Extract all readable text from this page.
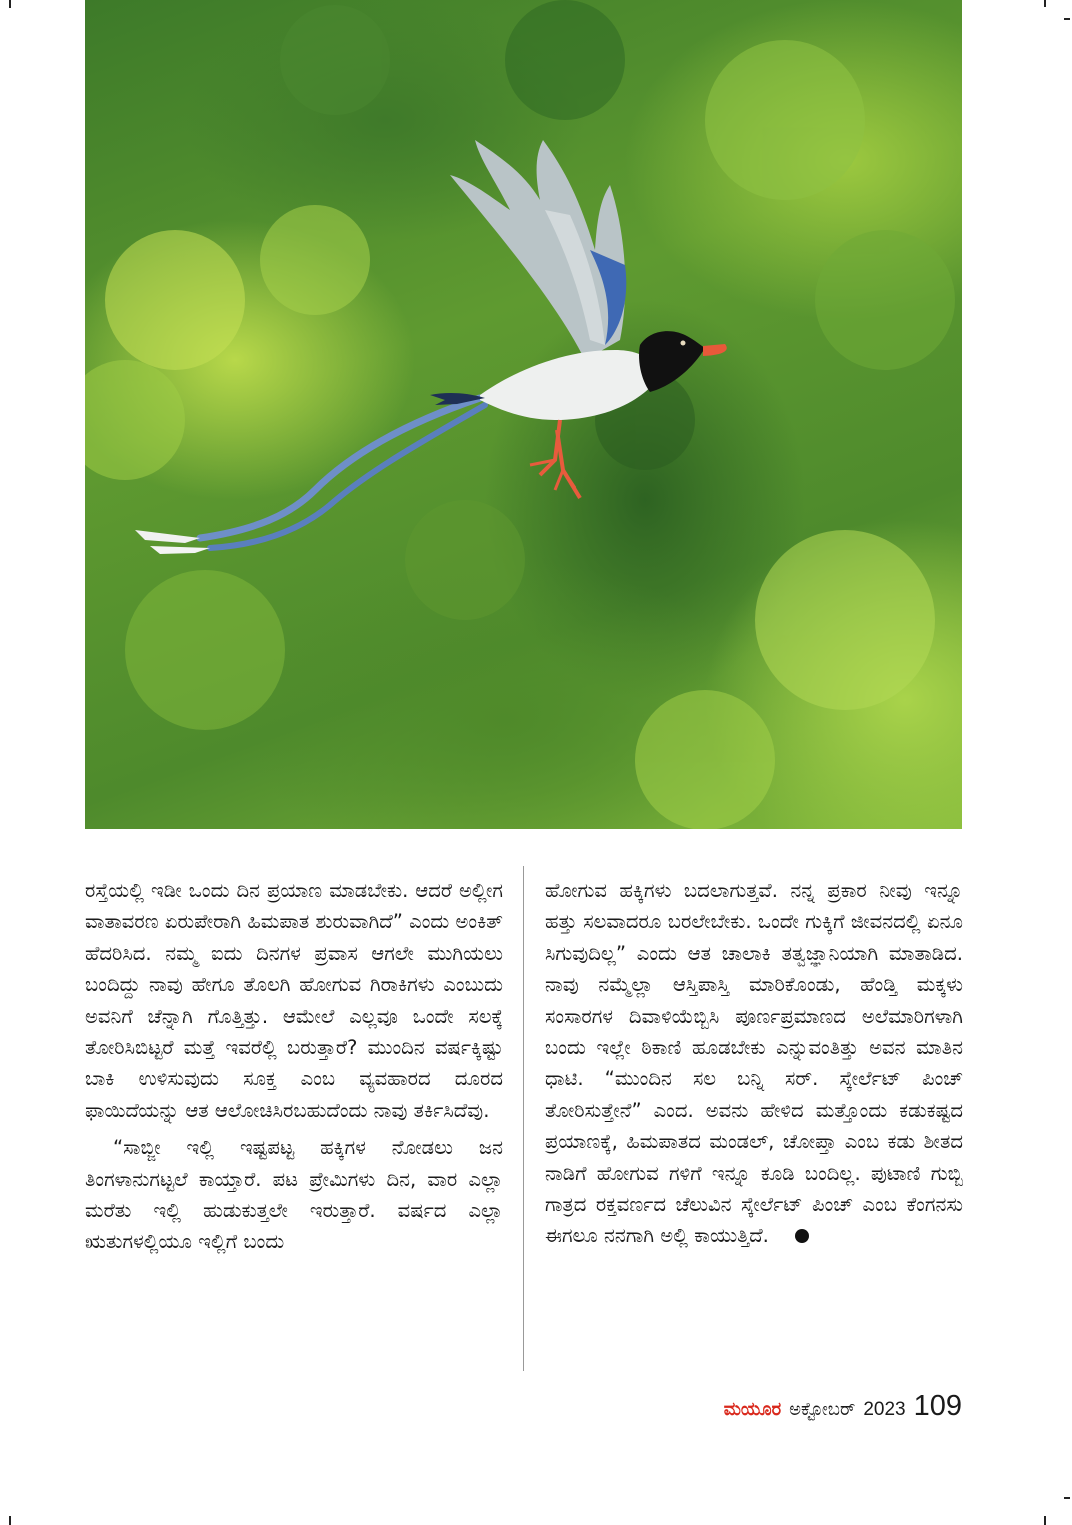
ರಸ್ತೆಯಲ್ಲಿ ಇಡೀ ಒಂದು ದಿನ ಪ್ರಯಾಣ ಮಾಡಬೇಕು. ಆದರೆ ಅಲ್ಲೀಗ ವಾತಾವರಣ ಏರುಪೇರಾಗಿ ಹಿಮಪಾತ ಶುರುವಾಗಿದೆ” ಎಂದು ಅಂಕಿತ್ ಹೆದರಿಸಿದ. ನಮ್ಮ ಐದು ದಿನಗಳ ಪ್ರವಾಸ ಆಗಲೇ ಮುಗಿಯಲು ಬಂದಿದ್ದು ನಾವು ಹೇಗೂ ತೊಲಗಿ ಹೋಗುವ ಗಿರಾಕಿಗಳು ಎಂಬುದು ಅವನಿಗೆ ಚೆನ್ನಾಗಿ ಗೊತ್ತಿತ್ತು. ಆಮೇಲೆ ಎಲ್ಲವೂ ಒಂದೇ ಸಲಕ್ಕೆ ತೋರಿಸಿಬಿಟ್ಟರೆ ಮತ್ತೆ ಇವರೆಲ್ಲಿ ಬರುತ್ತಾರೆ? ಮುಂದಿನ ವರ್ಷಕ್ಕಿಷ್ಟು ಬಾಕಿ ಉಳಿಸುವುದು ಸೂಕ್ತ ಎಂಬ ವ್ಯವಹಾರದ ದೂರದ ಫಾಯಿದೆಯನ್ನು ಆತ ಆಲೋಚಿಸಿರಬಹುದೆಂದು ನಾವು ತರ್ಕಿಸಿದೆವು.

“ಸಾಬ್ಜೀ ಇಲ್ಲಿ ಇಷ್ಟಪಟ್ಟ ಹಕ್ಕಿಗಳ ನೋಡಲು ಜನ ತಿಂಗಳಾನುಗಟ್ಟಲೆ ಕಾಯ್ತಾರೆ. ಪಟ ಪ್ರೇಮಿಗಳು ದಿನ, ವಾರ ಎಲ್ಲಾ ಮರೆತು ಇಲ್ಲಿ ಹುಡುಕುತ್ತಲೇ ಇರುತ್ತಾರೆ. ವರ್ಷದ ಎಲ್ಲಾ ಋತುಗಳಲ್ಲಿಯೂ ಇಲ್ಲಿಗೆ ಬಂದು

ಹೋಗುವ ಹಕ್ಕಿಗಳು ಬದಲಾಗುತ್ತವೆ. ನನ್ನ ಪ್ರಕಾರ ನೀವು ಇನ್ನೂ ಹತ್ತು ಸಲವಾದರೂ ಬರಲೇಬೇಕು. ಒಂದೇ ಗುಕ್ಕಿಗೆ ಜೀವನದಲ್ಲಿ ಏನೂ ಸಿಗುವುದಿಲ್ಲ” ಎಂದು ಆತ ಚಾಲಾಕಿ ತತ್ವಜ್ಞಾನಿಯಾಗಿ ಮಾತಾಡಿದ. ನಾವು ನಮ್ಮೆಲ್ಲಾ ಆಸ್ತಿಪಾಸ್ತಿ ಮಾರಿಕೊಂಡು, ಹೆಂಡ್ತಿ ಮಕ್ಕಳು ಸಂಸಾರಗಳ ದಿವಾಳಿಯೆಬ್ಬಿಸಿ ಪೂರ್ಣಪ್ರಮಾಣದ ಅಲೆಮಾರಿಗಳಾಗಿ ಬಂದು ಇಲ್ಲೇ ಠಿಕಾಣಿ ಹೂಡಬೇಕು ಎನ್ನುವಂತಿತ್ತು ಅವನ ಮಾತಿನ ಧಾಟಿ. “ಮುಂದಿನ ಸಲ ಬನ್ನಿ ಸರ್. ಸ್ಕೇರ್ಲೆಟ್ ಪಿಂಚ್ ತೋರಿಸುತ್ತೇನೆ” ಎಂದ. ಅವನು ಹೇಳಿದ ಮತ್ತೊಂದು ಕಡುಕಷ್ಟದ ಪ್ರಯಾಣಕ್ಕೆ, ಹಿಮಪಾತದ ಮಂಡಲ್, ಚೋಪ್ತಾ ಎಂಬ ಕಡು ಶೀತದ ನಾಡಿಗೆ ಹೋಗುವ ಗಳಿಗೆ ಇನ್ನೂ ಕೂಡಿ ಬಂದಿಲ್ಲ. ಪುಟಾಣಿ ಗುಬ್ಬಿ ಗಾತ್ರದ ರಕ್ತವರ್ಣದ ಚೆಲುವಿನ ಸ್ಕೇರ್ಲೆಟ್ ಪಿಂಚ್ ಎಂಬ ಕೆಂಗನಸು ಈಗಲೂ ನನಗಾಗಿ ಅಲ್ಲಿ ಕಾಯುತ್ತಿದೆ.

ಮಯೂರ ಅಕ್ಟೋಬರ್ 2023 109
